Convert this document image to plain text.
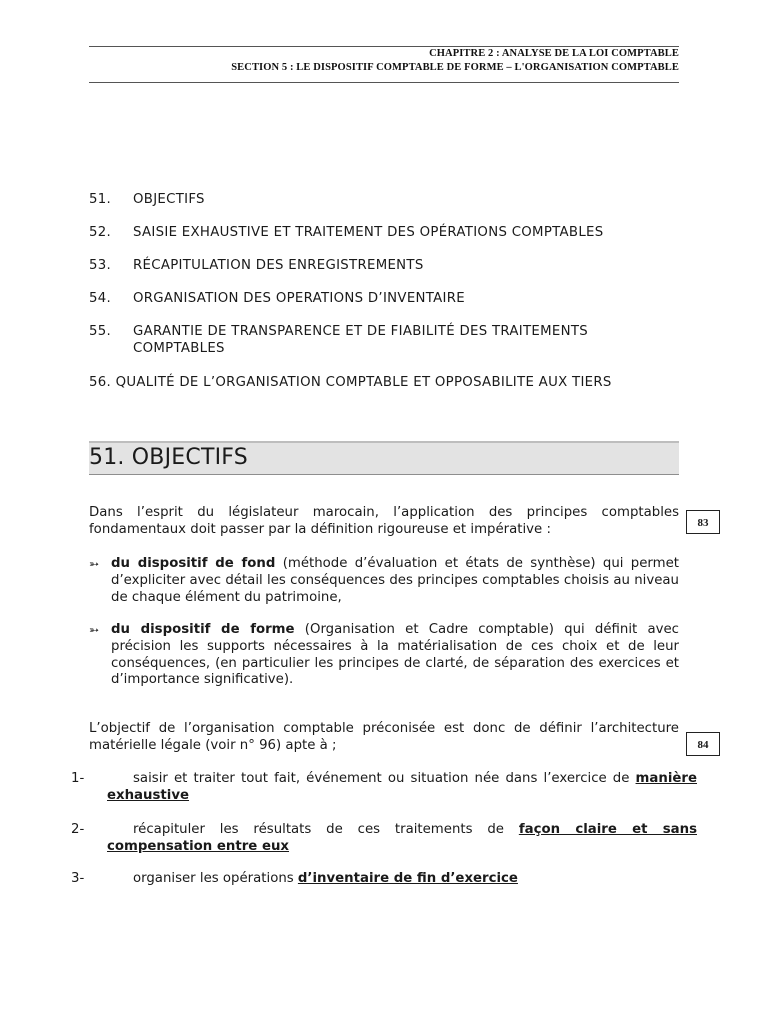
CHAPITRE 2 : ANALYSE DE LA LOI COMPTABLE
SECTION 5 : LE DISPOSITIF COMPTABLE DE FORME – L'ORGANISATION COMPTABLE
51. OBJECTIFS
52. SAISIE EXHAUSTIVE ET TRAITEMENT DES OPÉRATIONS COMPTABLES
53. RÉCAPITULATION DES ENREGISTREMENTS
54. ORGANISATION DES OPERATIONS D’INVENTAIRE
55. GARANTIE DE TRANSPARENCE ET DE FIABILITÉ DES TRAITEMENTS COMPTABLES
56. QUALITÉ DE L’ORGANISATION COMPTABLE ET OPPOSABILITE AUX TIERS
51. OBJECTIFS
Dans l’esprit du législateur marocain, l’application des principes comptables fondamentaux doit passer par la définition rigoureuse et impérative :	83
➳ du dispositif de fond (méthode d’évaluation et états de synthèse) qui permet d’expliciter avec détail les conséquences des principes comptables choisis au niveau de chaque élément du patrimoine,
➳ du dispositif de forme (Organisation et Cadre comptable) qui définit avec précision les supports nécessaires à la matérialisation de ces choix et de leur conséquences, (en particulier les principes de clarté, de séparation des exercices et d’importance significative).
L’objectif de l’organisation comptable préconisée est donc de définir l’architecture matérielle légale (voir n° 96) apte à ;	84
1-	saisir et traiter tout fait, événement ou situation née dans l’exercice de manière exhaustive
2-	récapituler les résultats de ces traitements de façon claire et sans compensation entre eux
3-	organiser les opérations d’inventaire de fin d’exercice
